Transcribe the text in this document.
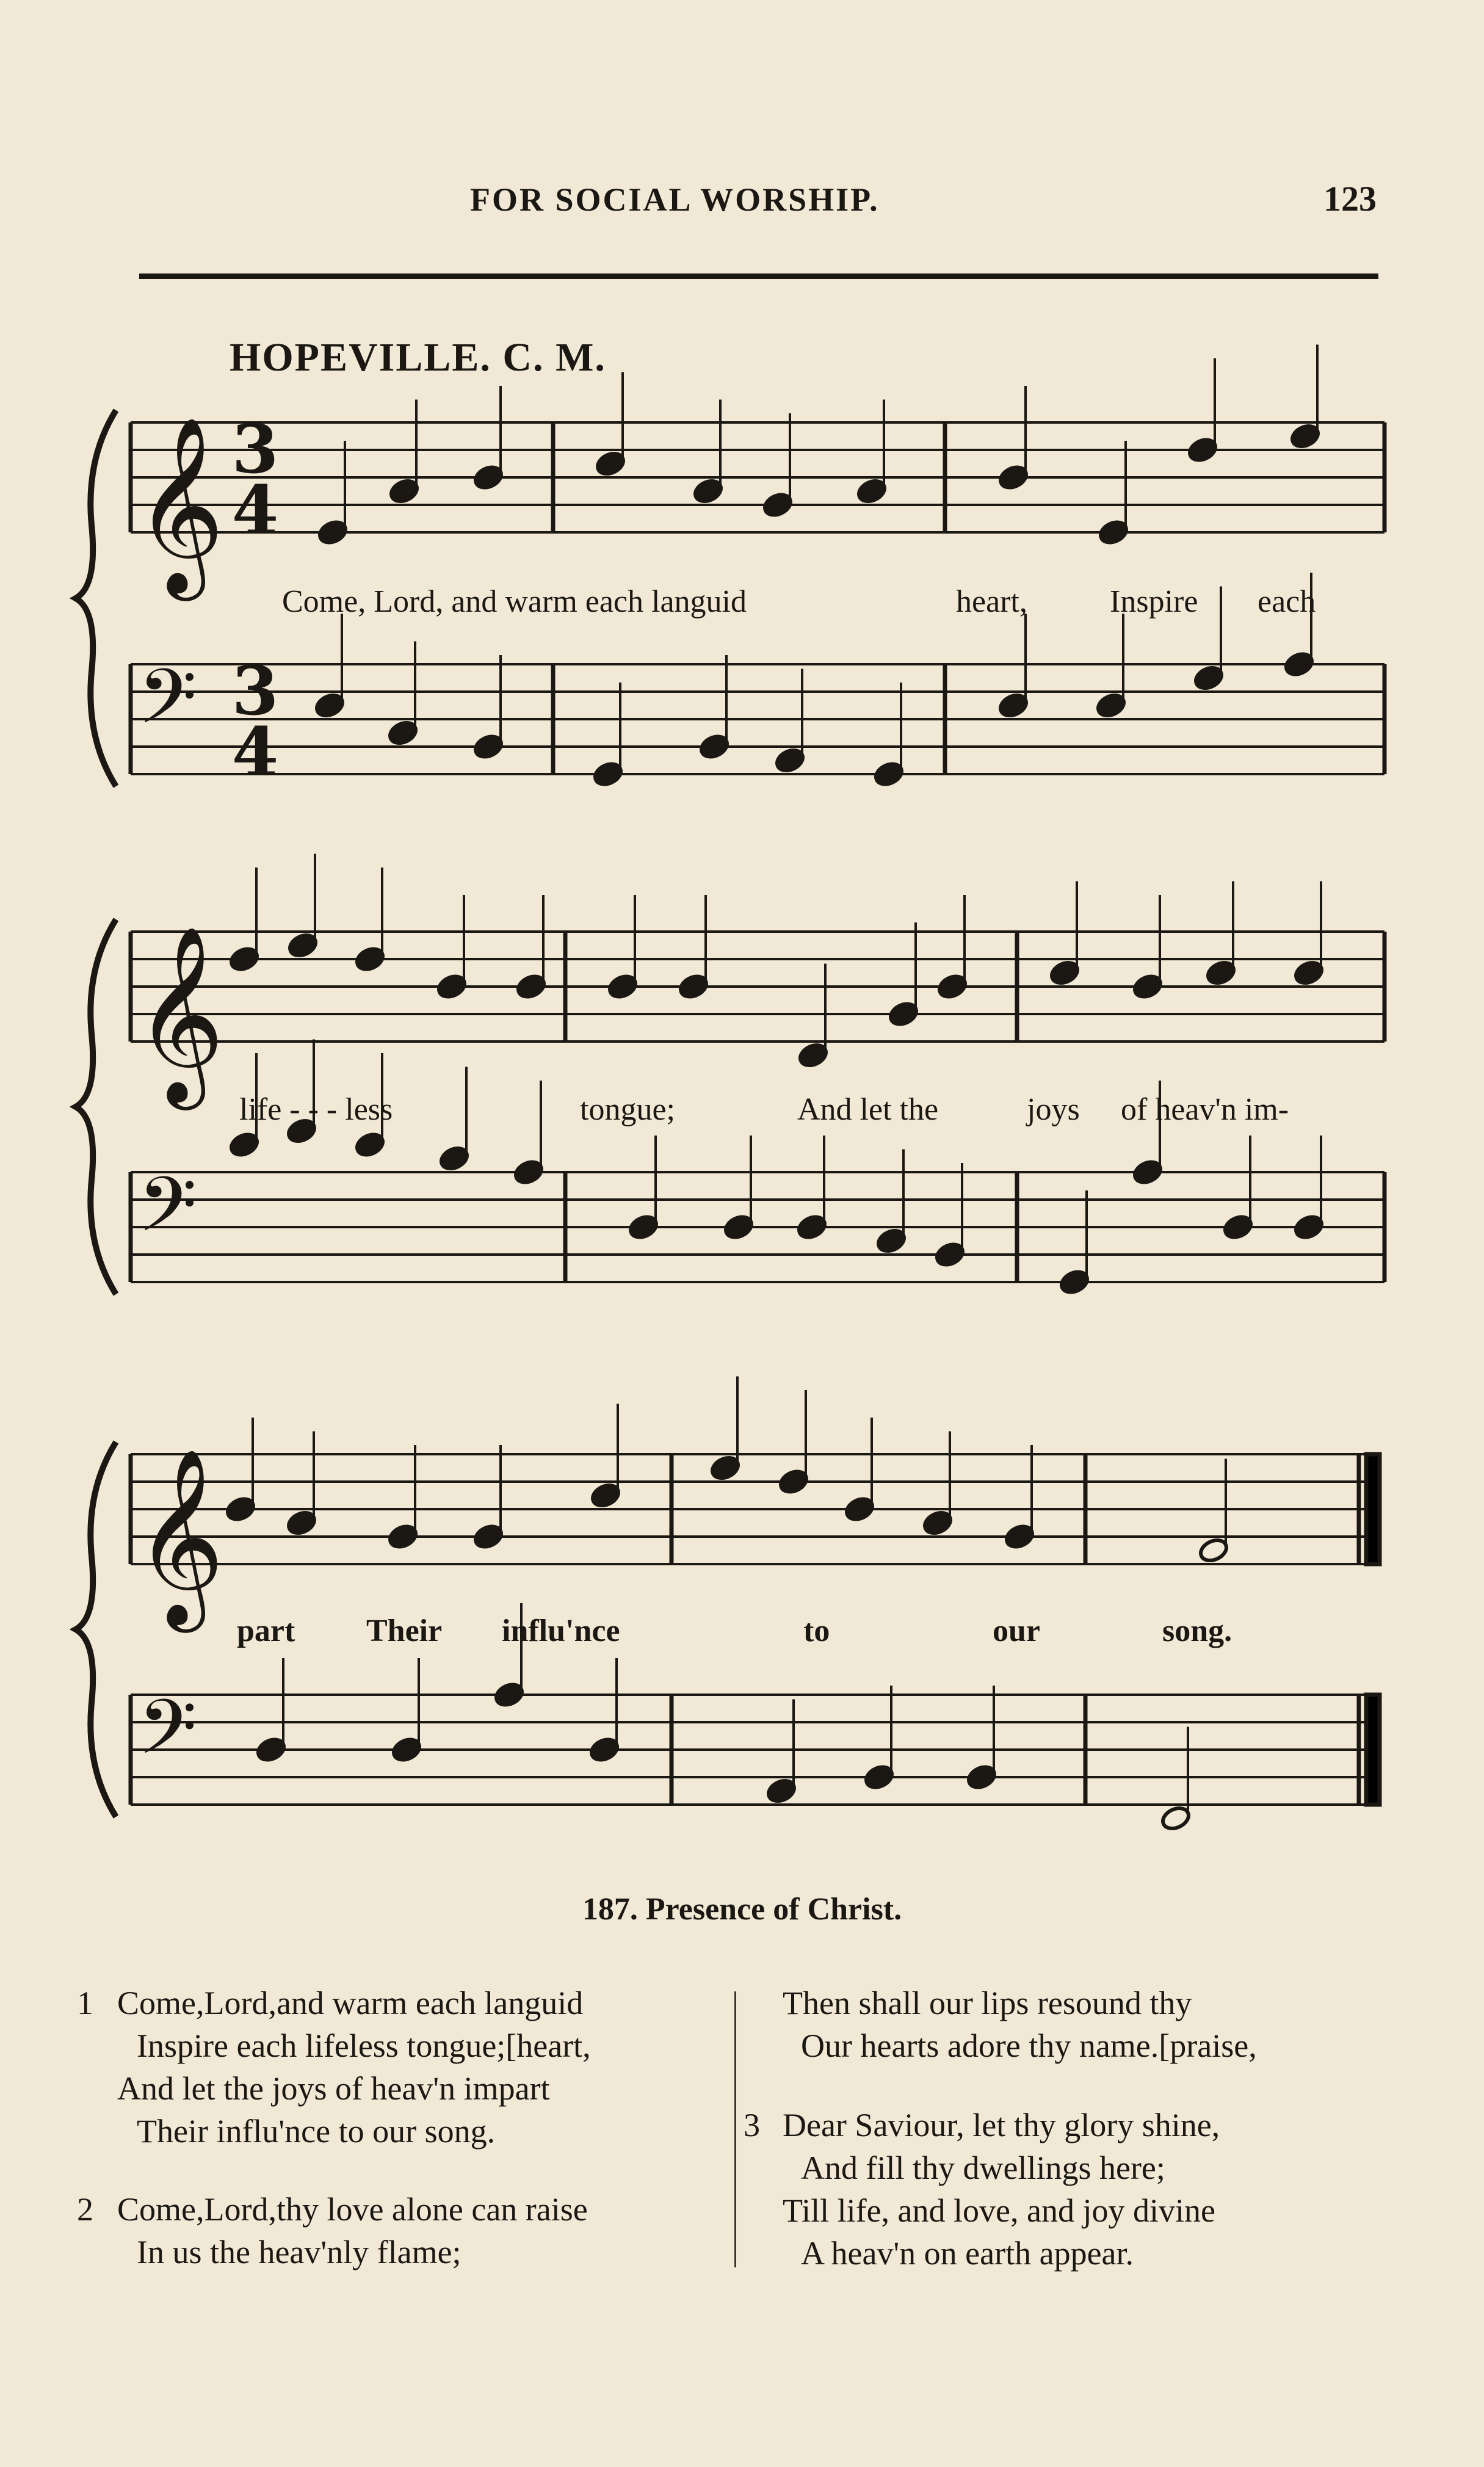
FOR SOCIAL WORSHIP.	123
HOPEVILLE. C. M.
𝄞
𝄢
𝄞
𝄢
𝄞
𝄢
3
4
3
4
Come, Lord, and warm each languid	heart,	Inspire each
life - - - less	tongue;	And let the	joys of heav'n im-
part Their influ'nce	to	our	song.
187. Presence of Christ.
1 Come,Lord,and warm each languid
Inspire each lifeless tongue;[heart,
And let the joys of heav'n impart
Their influ'nce to our song.
2 Come,Lord,thy love alone can raise
In us the heav'nly flame;
Then shall our lips resound thy
Our hearts adore thy name.[praise,
3 Dear Saviour, let thy glory shine,
And fill thy dwellings here;
Till life, and love, and joy divine
A heav'n on earth appear.
